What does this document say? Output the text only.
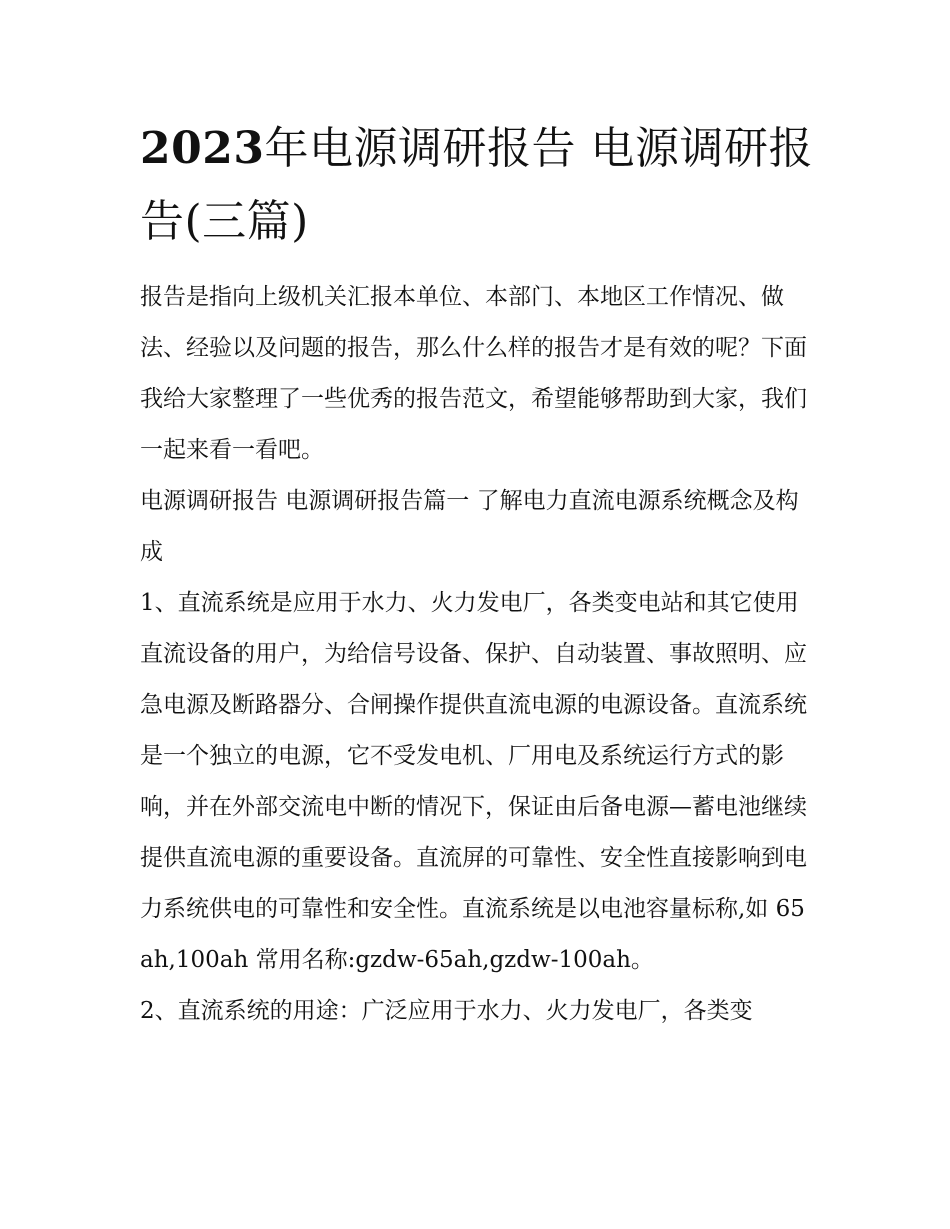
2023年电源调研报告 电源调研报告(三篇)

报告是指向上级机关汇报本单位、本部门、本地区工作情况、做法、经验以及问题的报告，那么什么样的报告才是有效的呢？下面我给大家整理了一些优秀的报告范文，希望能够帮助到大家，我们一起来看一看吧。

电源调研报告 电源调研报告篇一 了解电力直流电源系统概念及构成

1、直流系统是应用于水力、火力发电厂，各类变电站和其它使用直流设备的用户，为给信号设备、保护、自动装置、事故照明、应急电源及断路器分、合闸操作提供直流电源的电源设备。直流系统是一个独立的电源，它不受发电机、厂用电及系统运行方式的影响，并在外部交流电中断的情况下，保证由后备电源—蓄电池继续提供直流电源的重要设备。直流屏的可靠性、安全性直接影响到电力系统供电的可靠性和安全性。直流系统是以电池容量标称,如 65ah,100ah 常用名称:gzdw-65ah,gzdw-100ah。

2、直流系统的用途：广泛应用于水力、火力发电厂，各类变
